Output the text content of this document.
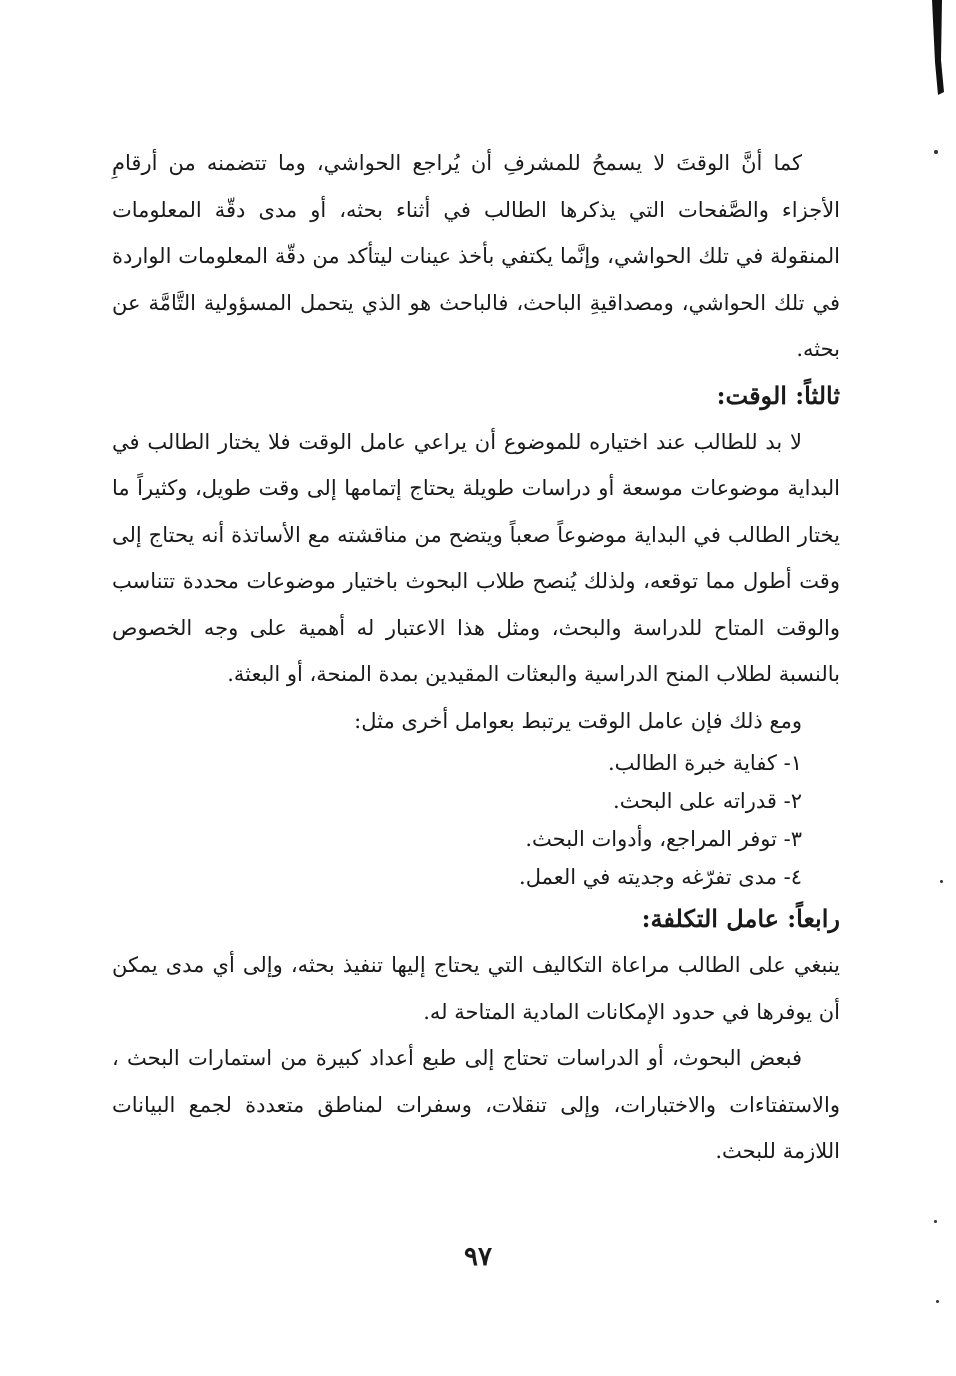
كما أنَّ الوقتَ لا يسمحُ للمشرفِ أن يُراجع الحواشي، وما تتضمنه من أرقامِ الأجزاء والصَّفحات التي يذكرها الطالب في أثناء بحثه، أو مدى دقّة المعلومات المنقولة في تلك الحواشي، وإنَّما يكتفي بأخذ عينات ليتأكد من دقّة المعلومات الواردة في تلك الحواشي، ومصداقيةِ الباحث، فالباحث هو الذي يتحمل المسؤولية التَّامَّة عن بحثه.

ثالثاً: الوقت:

لا بد للطالب عند اختياره للموضوع أن يراعي عامل الوقت فلا يختار الطالب في البداية موضوعات موسعة أو دراسات طويلة يحتاج إتمامها إلى وقت طويل، وكثيراً ما يختار الطالب في البداية موضوعاً صعباً ويتضح من مناقشته مع الأساتذة أنه يحتاج إلى وقت أطول مما توقعه، ولذلك يُنصح طلاب البحوث باختيار موضوعات محددة تتناسب والوقت المتاح للدراسة والبحث، ومثل هذا الاعتبار له أهمية على وجه الخصوص بالنسبة لطلاب المنح الدراسية والبعثات المقيدين بمدة المنحة، أو البعثة.

ومع ذلك فإن عامل الوقت يرتبط بعوامل أخرى مثل:

١- كفاية خبرة الطالب.

٢- قدراته على البحث.

٣- توفر المراجع، وأدوات البحث.

٤- مدى تفرّغه وجديته في العمل.

رابعاً: عامل التكلفة:

ينبغي على الطالب مراعاة التكاليف التي يحتاج إليها تنفيذ بحثه، وإلى أي مدى يمكن أن يوفرها في حدود الإمكانات المادية المتاحة له.

فبعض البحوث، أو الدراسات تحتاج إلى طبع أعداد كبيرة من استمارات البحث ، والاستفتاءات والاختبارات، وإلى تنقلات، وسفرات لمناطق متعددة لجمع البيانات اللازمة للبحث.

٩٧
